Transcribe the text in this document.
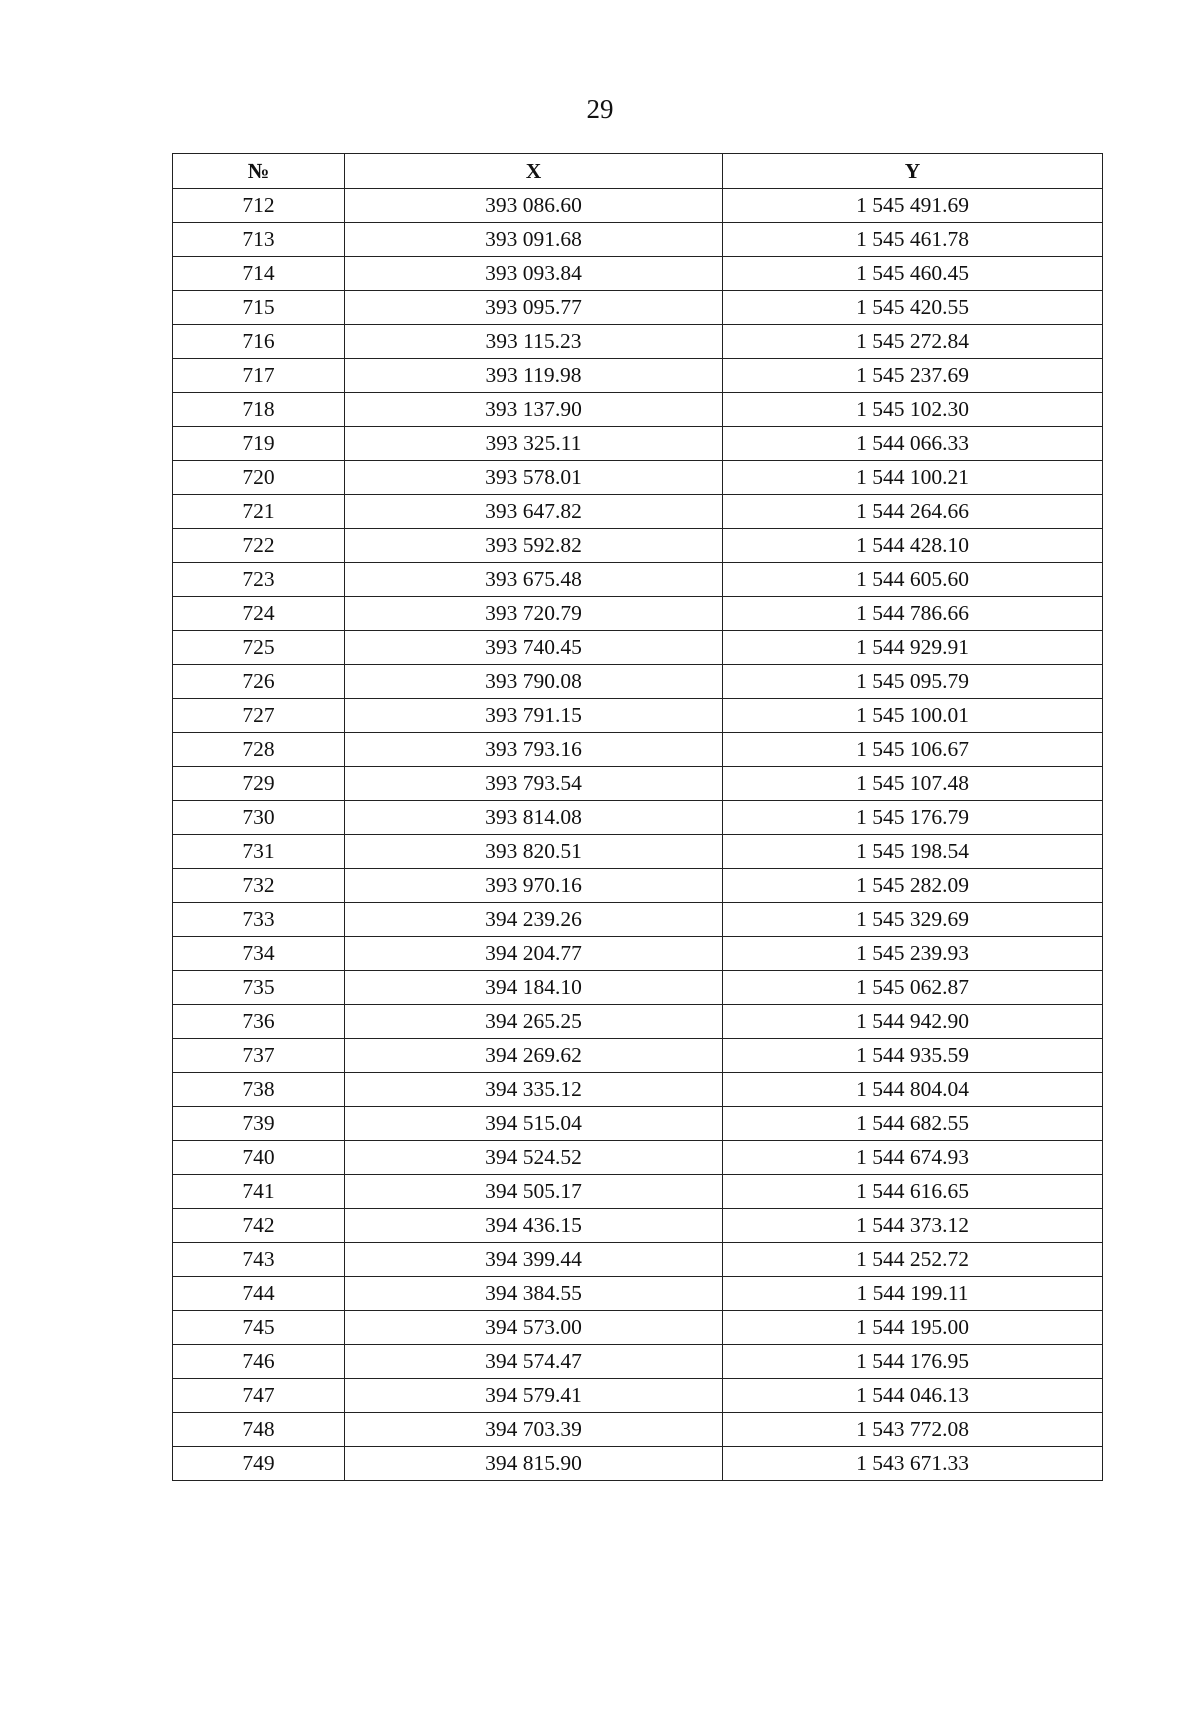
29
№	X	Y
712	393 086.60	1 545 491.69
713	393 091.68	1 545 461.78
714	393 093.84	1 545 460.45
715	393 095.77	1 545 420.55
716	393 115.23	1 545 272.84
717	393 119.98	1 545 237.69
718	393 137.90	1 545 102.30
719	393 325.11	1 544 066.33
720	393 578.01	1 544 100.21
721	393 647.82	1 544 264.66
722	393 592.82	1 544 428.10
723	393 675.48	1 544 605.60
724	393 720.79	1 544 786.66
725	393 740.45	1 544 929.91
726	393 790.08	1 545 095.79
727	393 791.15	1 545 100.01
728	393 793.16	1 545 106.67
729	393 793.54	1 545 107.48
730	393 814.08	1 545 176.79
731	393 820.51	1 545 198.54
732	393 970.16	1 545 282.09
733	394 239.26	1 545 329.69
734	394 204.77	1 545 239.93
735	394 184.10	1 545 062.87
736	394 265.25	1 544 942.90
737	394 269.62	1 544 935.59
738	394 335.12	1 544 804.04
739	394 515.04	1 544 682.55
740	394 524.52	1 544 674.93
741	394 505.17	1 544 616.65
742	394 436.15	1 544 373.12
743	394 399.44	1 544 252.72
744	394 384.55	1 544 199.11
745	394 573.00	1 544 195.00
746	394 574.47	1 544 176.95
747	394 579.41	1 544 046.13
748	394 703.39	1 543 772.08
749	394 815.90	1 543 671.33
